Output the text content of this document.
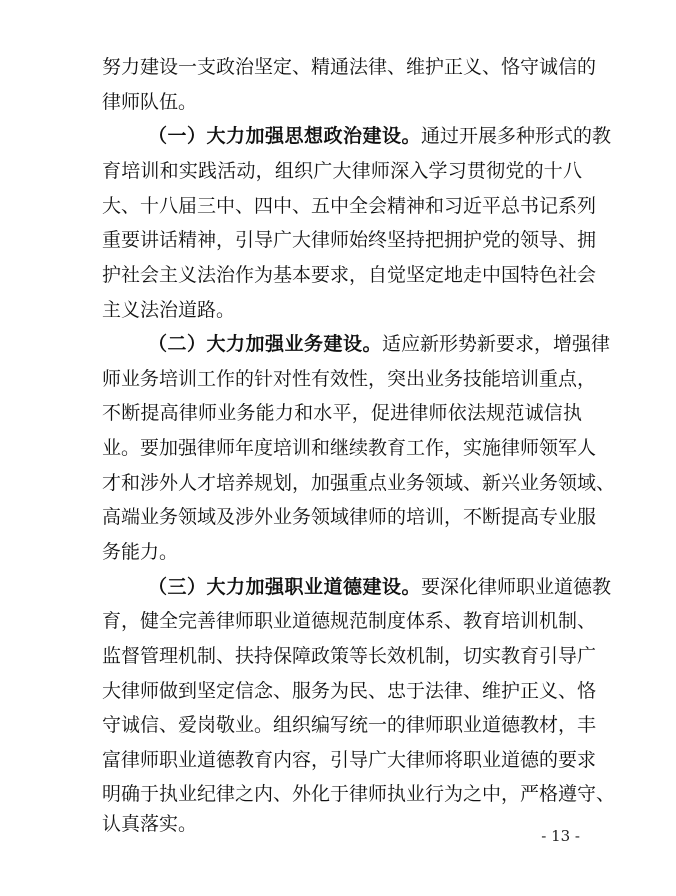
努力建设一支政治坚定、精通法律、维护正义、恪守诚信的
律师队伍。
（一）大力加强思想政治建设。通过开展多种形式的教
育培训和实践活动，组织广大律师深入学习贯彻党的十八
大、十八届三中、四中、五中全会精神和习近平总书记系列
重要讲话精神，引导广大律师始终坚持把拥护党的领导、拥
护社会主义法治作为基本要求，自觉坚定地走中国特色社会
主义法治道路。
（二）大力加强业务建设。适应新形势新要求，增强律
师业务培训工作的针对性有效性，突出业务技能培训重点，
不断提高律师业务能力和水平，促进律师依法规范诚信执
业。要加强律师年度培训和继续教育工作，实施律师领军人
才和涉外人才培养规划，加强重点业务领域、新兴业务领域、
高端业务领域及涉外业务领域律师的培训，不断提高专业服
务能力。
（三）大力加强职业道德建设。要深化律师职业道德教
育，健全完善律师职业道德规范制度体系、教育培训机制、
监督管理机制、扶持保障政策等长效机制，切实教育引导广
大律师做到坚定信念、服务为民、忠于法律、维护正义、恪
守诚信、爱岗敬业。组织编写统一的律师职业道德教材，丰
富律师职业道德教育内容，引导广大律师将职业道德的要求
明确于执业纪律之内、外化于律师执业行为之中，严格遵守、
认真落实。
- 13 -
